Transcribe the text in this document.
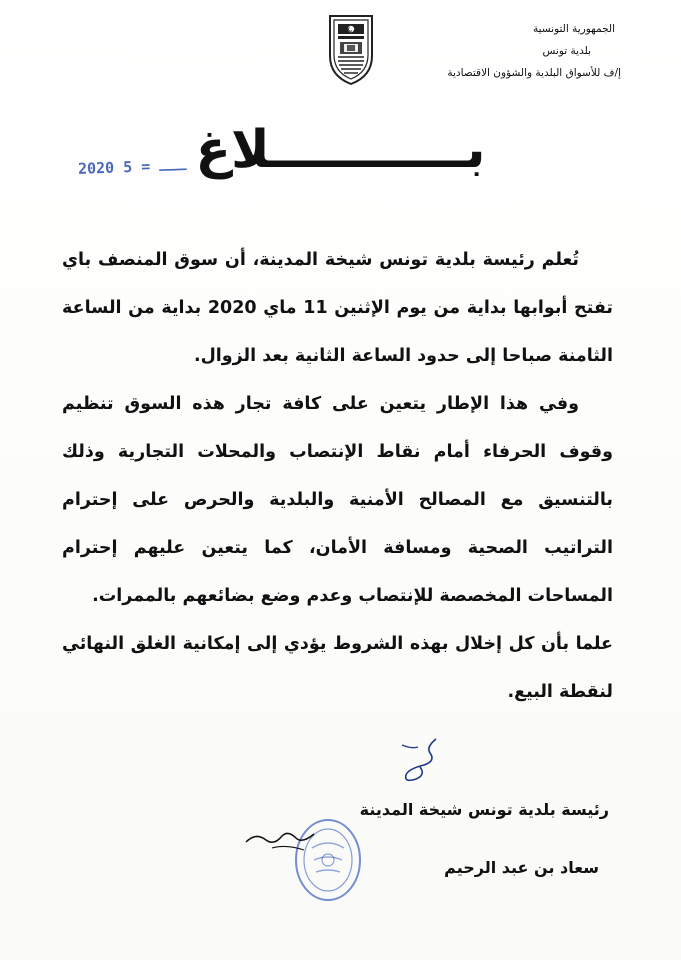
الجمهورية التونسية
بلدية تونس
إ/ف للأسواق البلدية والشؤون الاقتصادية
بـــــــــــلاغ
2020 ـــ = 5

تُعلم رئيسة بلدية تونس شيخة المدينة، أن سوق المنصف باي تفتح أبوابها بداية من يوم الإثنين 11 ماي 2020 بداية من الساعة الثامنة صباحا إلى حدود الساعة الثانية بعد الزوال.

وفي هذا الإطار يتعين على كافة تجار هذه السوق تنظيم وقوف الحرفاء أمام نقاط الإنتصاب والمحلات التجارية وذلك بالتنسيق مع المصالح الأمنية والبلدية والحرص على إحترام التراتيب الصحية ومسافة الأمان، كما يتعين عليهم إحترام المساحات المخصصة للإنتصاب وعدم وضع بضائعهم بالممرات.

علما بأن كل إخلال بهذه الشروط يؤدي إلى إمكانية الغلق النهائي لنقطة البيع.

رئيسة بلدية تونس شيخة المدينة
سعاد بن عبد الرحيم
